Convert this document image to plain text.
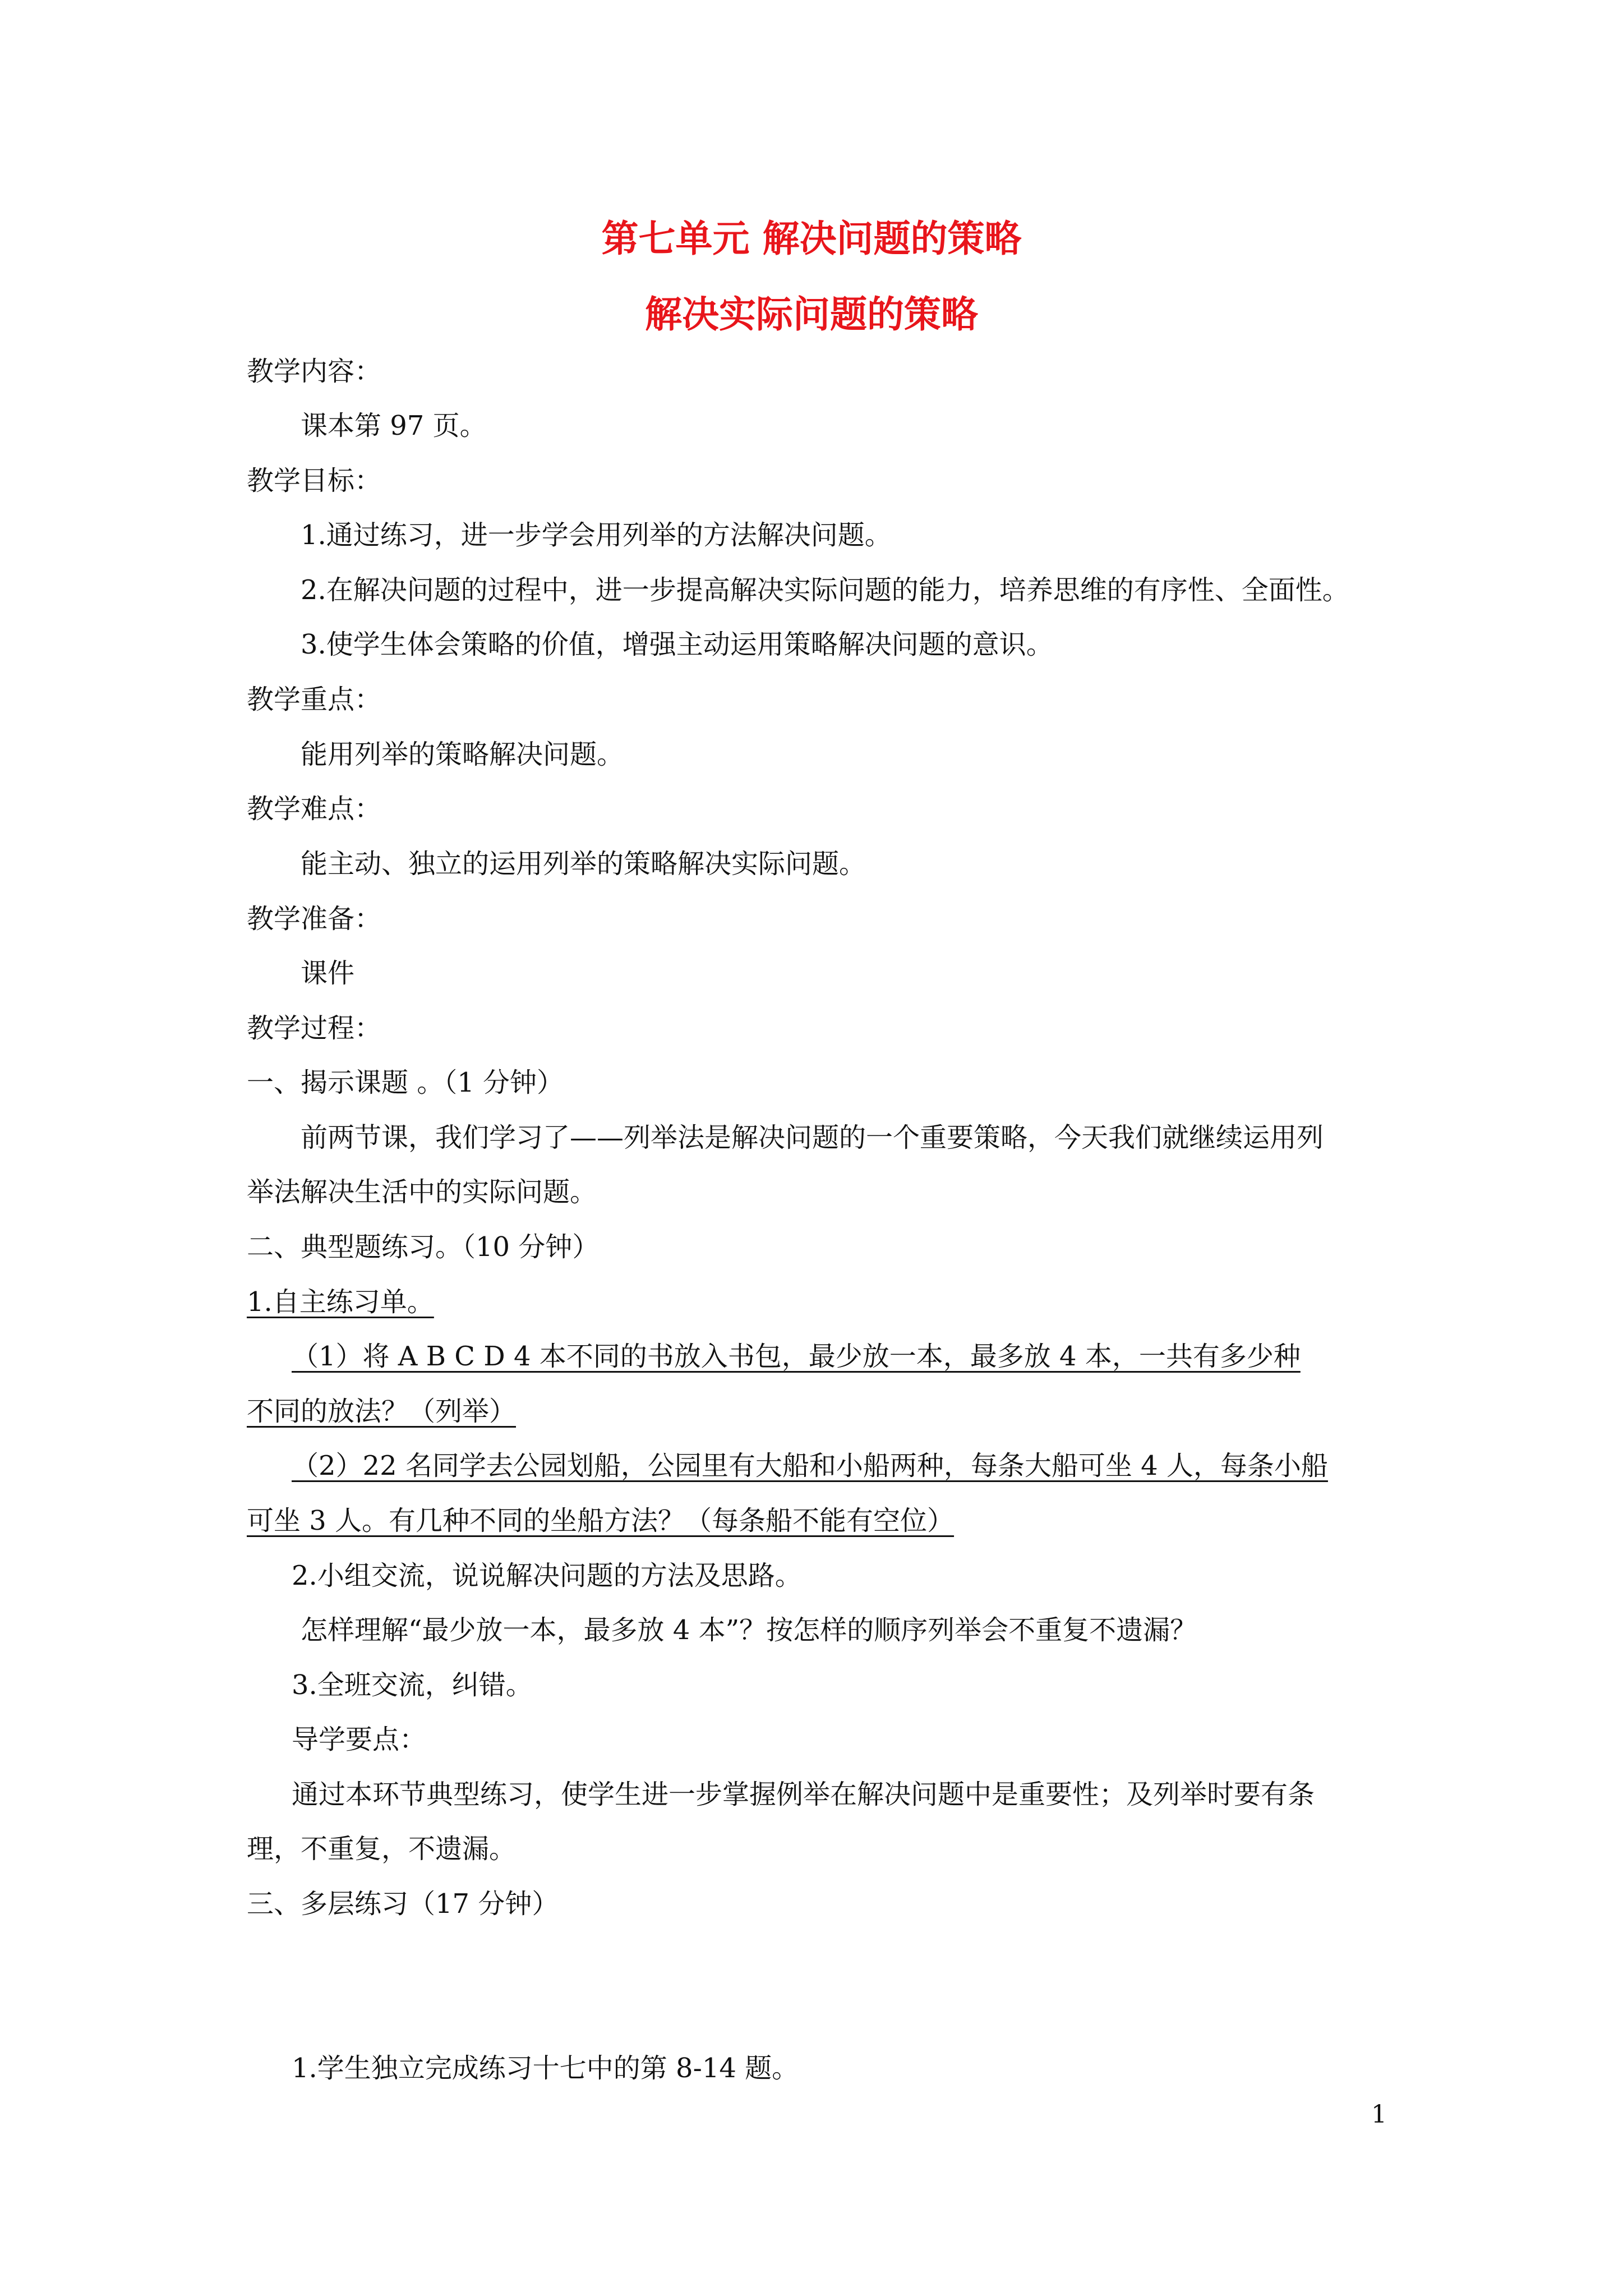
第七单元 解决问题的策略
解决实际问题的策略
教学内容：
课本第 97 页。
教学目标：
1.通过练习，进一步学会用列举的方法解决问题。
2.在解决问题的过程中，进一步提高解决实际问题的能力，培养思维的有序性、全面性。
3.使学生体会策略的价值，增强主动运用策略解决问题的意识。
教学重点：
能用列举的策略解决问题。
教学难点：
能主动、独立的运用列举的策略解决实际问题。
教学准备：
课件
教学过程：
一、揭示课题 。（1 分钟）
前两节课，我们学习了——列举法是解决问题的一个重要策略，今天我们就继续运用列
举法解决生活中的实际问题。
二、典型题练习。（10 分钟）
1.自主练习单。
（1）将 A B C D 4 本不同的书放入书包，最少放一本，最多放 4 本，一共有多少种
不同的放法？（列举）
（2）22 名同学去公园划船，公园里有大船和小船两种，每条大船可坐 4 人，每条小船
可坐 3 人。有几种不同的坐船方法？（每条船不能有空位）
2.小组交流，说说解决问题的方法及思路。
怎样理解“最少放一本，最多放 4 本”？按怎样的顺序列举会不重复不遗漏？
3.全班交流，纠错。
导学要点：
通过本环节典型练习，使学生进一步掌握例举在解决问题中是重要性；及列举时要有条
理，不重复，不遗漏。
三、多层练习（17 分钟）
1.学生独立完成练习十七中的第 8-14 题。
1
